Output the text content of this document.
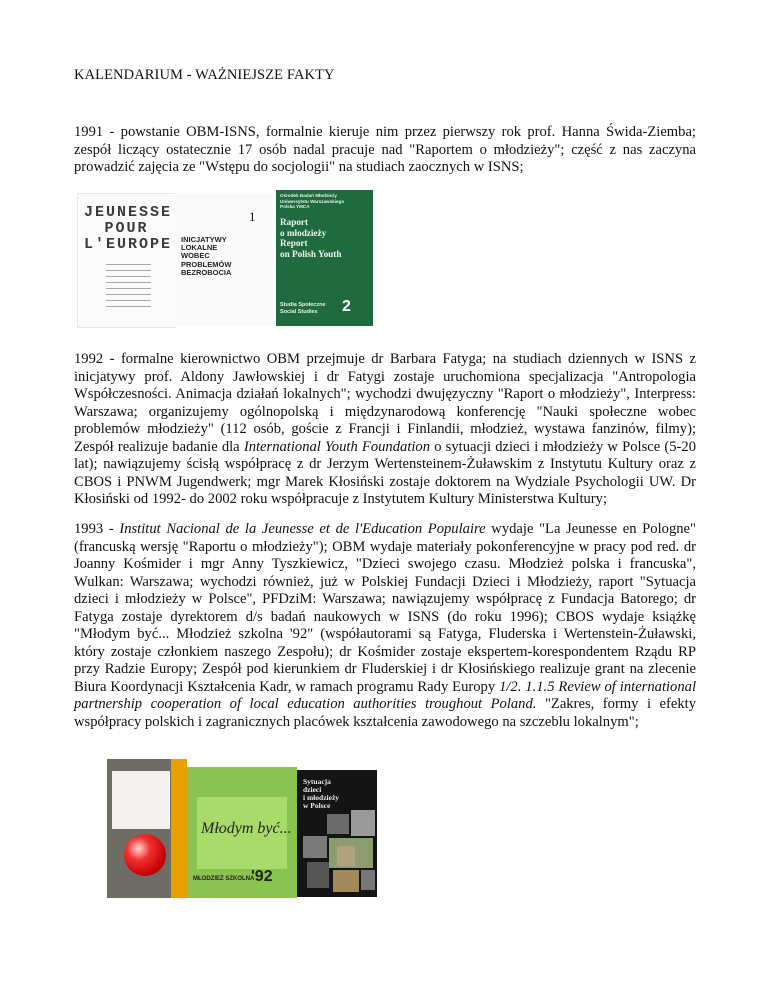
KALENDARIUM - WAŻNIEJSZE FAKTY

1991 - powstanie OBM-ISNS, formalnie kieruje nim przez pierwszy rok prof. Hanna Świda-Ziemba; zespół liczący ostatecznie 17 osób nadal pracuje nad "Raportem o młodzieży"; część z nas zaczyna prowadzić zajęcia ze "Wstępu do socjologii" na studiach zaocznych w ISNS;

1992 - formalne kierownictwo OBM przejmuje dr Barbara Fatyga; na studiach dziennych w ISNS z inicjatywy prof. Aldony Jawłowskiej i dr Fatygi zostaje uruchomiona specjalizacja "Antropologia Współczesności. Animacja działań lokalnych"; wychodzi dwujęzyczny "Raport o młodzieży", Interpress: Warszawa; organizujemy ogólnopolską i międzynarodową konferencję "Nauki społeczne wobec problemów młodzieży" (112 osób, goście z Francji i Finlandii, młodzież, wystawa fanzinów, filmy); Zespół realizuje badanie dla International Youth Foundation o sytuacji dzieci i młodzieży w Polsce (5-20 lat); nawiązujemy ścisłą współpracę z dr Jerzym Wertensteinem-Żuławskim z Instytutu Kultury oraz z CBOS i PNWM Jugendwerk; mgr Marek Kłosiński zostaje doktorem na Wydziale Psychologii UW. Dr Kłosiński od 1992- do 2002 roku współpracuje z Instytutem Kultury Ministerstwa Kultury;

1993 - Institut Nacional de la Jeunesse et de l'Education Populaire wydaje "La Jeunesse en Pologne" (francuską wersję "Raportu o młodzieży"); OBM wydaje materiały pokonferencyjne w pracy pod red. dr Joanny Kośmider i mgr Anny Tyszkiewicz, "Dzieci swojego czasu. Młodzież polska i francuska", Wulkan: Warszawa; wychodzi również, już w Polskiej Fundacji Dzieci i Młodzieży, raport "Sytuacja dzieci i młodzieży w Polsce", PFDziM: Warszawa; nawiązujemy współpracę z Fundacja Batorego; dr Fatyga zostaje dyrektorem d/s badań naukowych w ISNS (do roku 1996); CBOS wydaje książkę "Młodym być... Młodzież szkolna '92" (współautorami są Fatyga, Fluderska i Wertenstein-Żuławski, który zostaje członkiem naszego Zespołu); dr Kośmider zostaje ekspertem-korespondentem Rządu RP przy Radzie Europy; Zespół pod kierunkiem dr Fluderskiej i dr Kłosińskiego realizuje grant na zlecenie Biura Koordynacji Kształcenia Kadr, w ramach programu Rady Europy 1/2. 1.1.5 Review of international partnership cooperation of local education authorities troughout Poland. "Zakres, formy i efekty współpracy polskich i zagranicznych placówek kształcenia zawodowego na szczeblu lokalnym";

JEUNESSE
POUR
L'EUROPE
1
INICJATYWY
LOKALNE
WOBEC
PROBLEMÓW
BEZROBOCIA
Ośrodek Badań Młodzieży
Uniwersytetu Warszawskiego
Polska YMCA
Raport
o młodzieży
Report
on Polish Youth
Studia Społeczne
Social Studies	2
Młodym być...
MŁODZIEŻ SZKOLNA
'92
Sytuacja
dzieci
i młodzieży
w Polsce
